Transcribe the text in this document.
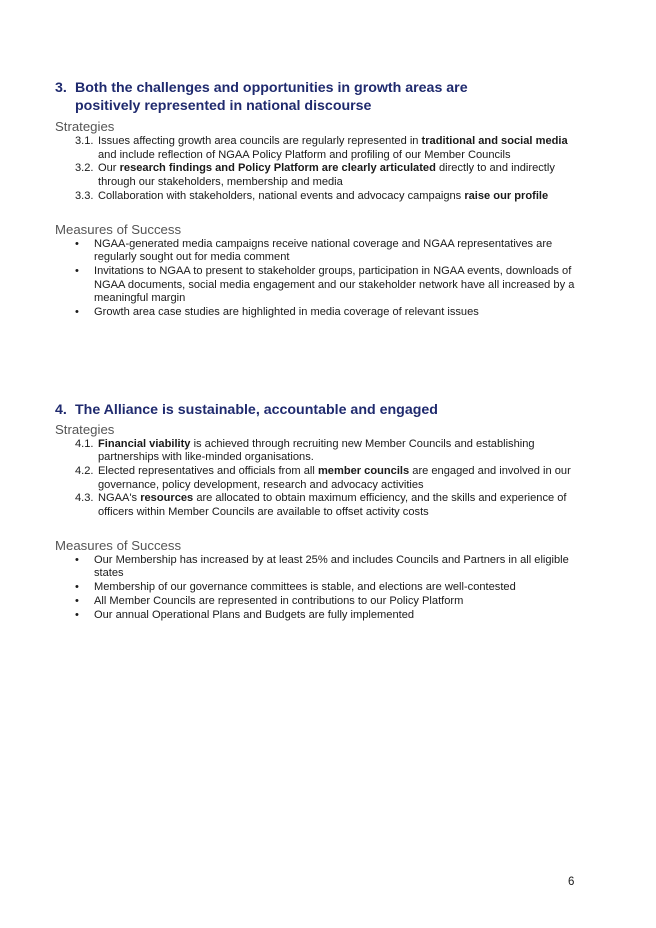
3. Both the challenges and opportunities in growth areas are
positively represented in national discourse

Strategies

3.1. Issues affecting growth area councils are regularly represented in traditional and social media and include reflection of NGAA Policy Platform and profiling of our Member Councils
3.2. Our research findings and Policy Platform are clearly articulated directly to and indirectly through our stakeholders, membership and media
3.3. Collaboration with stakeholders, national events and advocacy campaigns raise our profile

Measures of Success

• NGAA-generated media campaigns receive national coverage and NGAA representatives are regularly sought out for media comment
• Invitations to NGAA to present to stakeholder groups, participation in NGAA events, downloads of NGAA documents, social media engagement and our stakeholder network have all increased by a meaningful margin
• Growth area case studies are highlighted in media coverage of relevant issues
4. The Alliance is sustainable, accountable and engaged

Strategies

4.1. Financial viability is achieved through recruiting new Member Councils and establishing partnerships with like-minded organisations.
4.2. Elected representatives and officials from all member councils are engaged and involved in our governance, policy development, research and advocacy activities
4.3. NGAA's resources are allocated to obtain maximum efficiency, and the skills and experience of officers within Member Councils are available to offset activity costs

Measures of Success

• Our Membership has increased by at least 25% and includes Councils and Partners in all eligible states
• Membership of our governance committees is stable, and elections are well-contested
• All Member Councils are represented in contributions to our Policy Platform
• Our annual Operational Plans and Budgets are fully implemented
6
